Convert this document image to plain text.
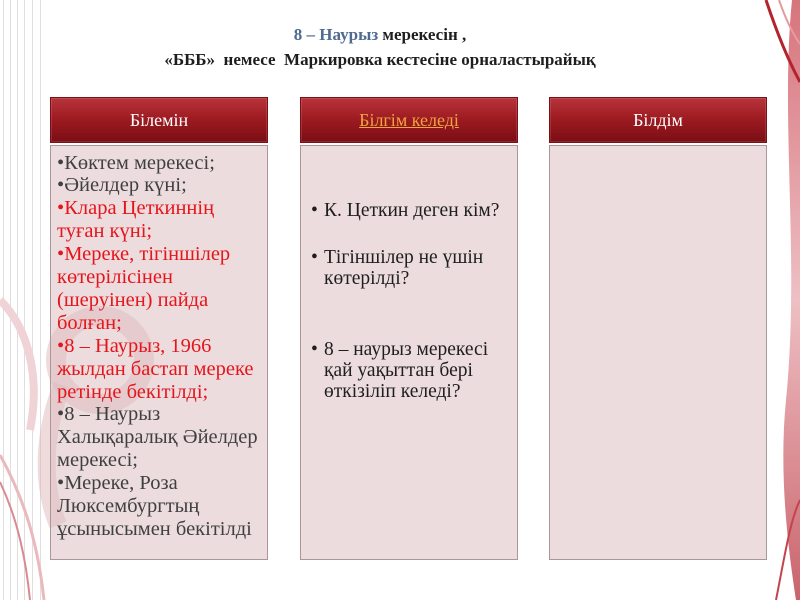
8 – Наурыз мерекесін ,
«БББ»  немесе  Маркировка кестесіне орналастырайық
Білемін
• Көктем мерекесі;
• Әйелдер күні;
• Клара Цеткиннің
туған күні;
• Мереке, тігіншілер
көтерілісінен
(шеруінен) пайда
болған;
• 8 – Наурыз, 1966
жылдан бастап мереке
ретінде бекітілді;
• 8 – Наурыз
Халықаралық Әйелдер
мерекесі;
• Мереке, Роза
Люксембургтың
ұсынысымен бекітілді
Білгім келеді
• К. Цеткин деген кім?
• Тігіншілер не үшін
көтерілді?
• 8 – наурыз мерекесі
қай уақыттан бері
өткізіліп келеді?
Білдім
